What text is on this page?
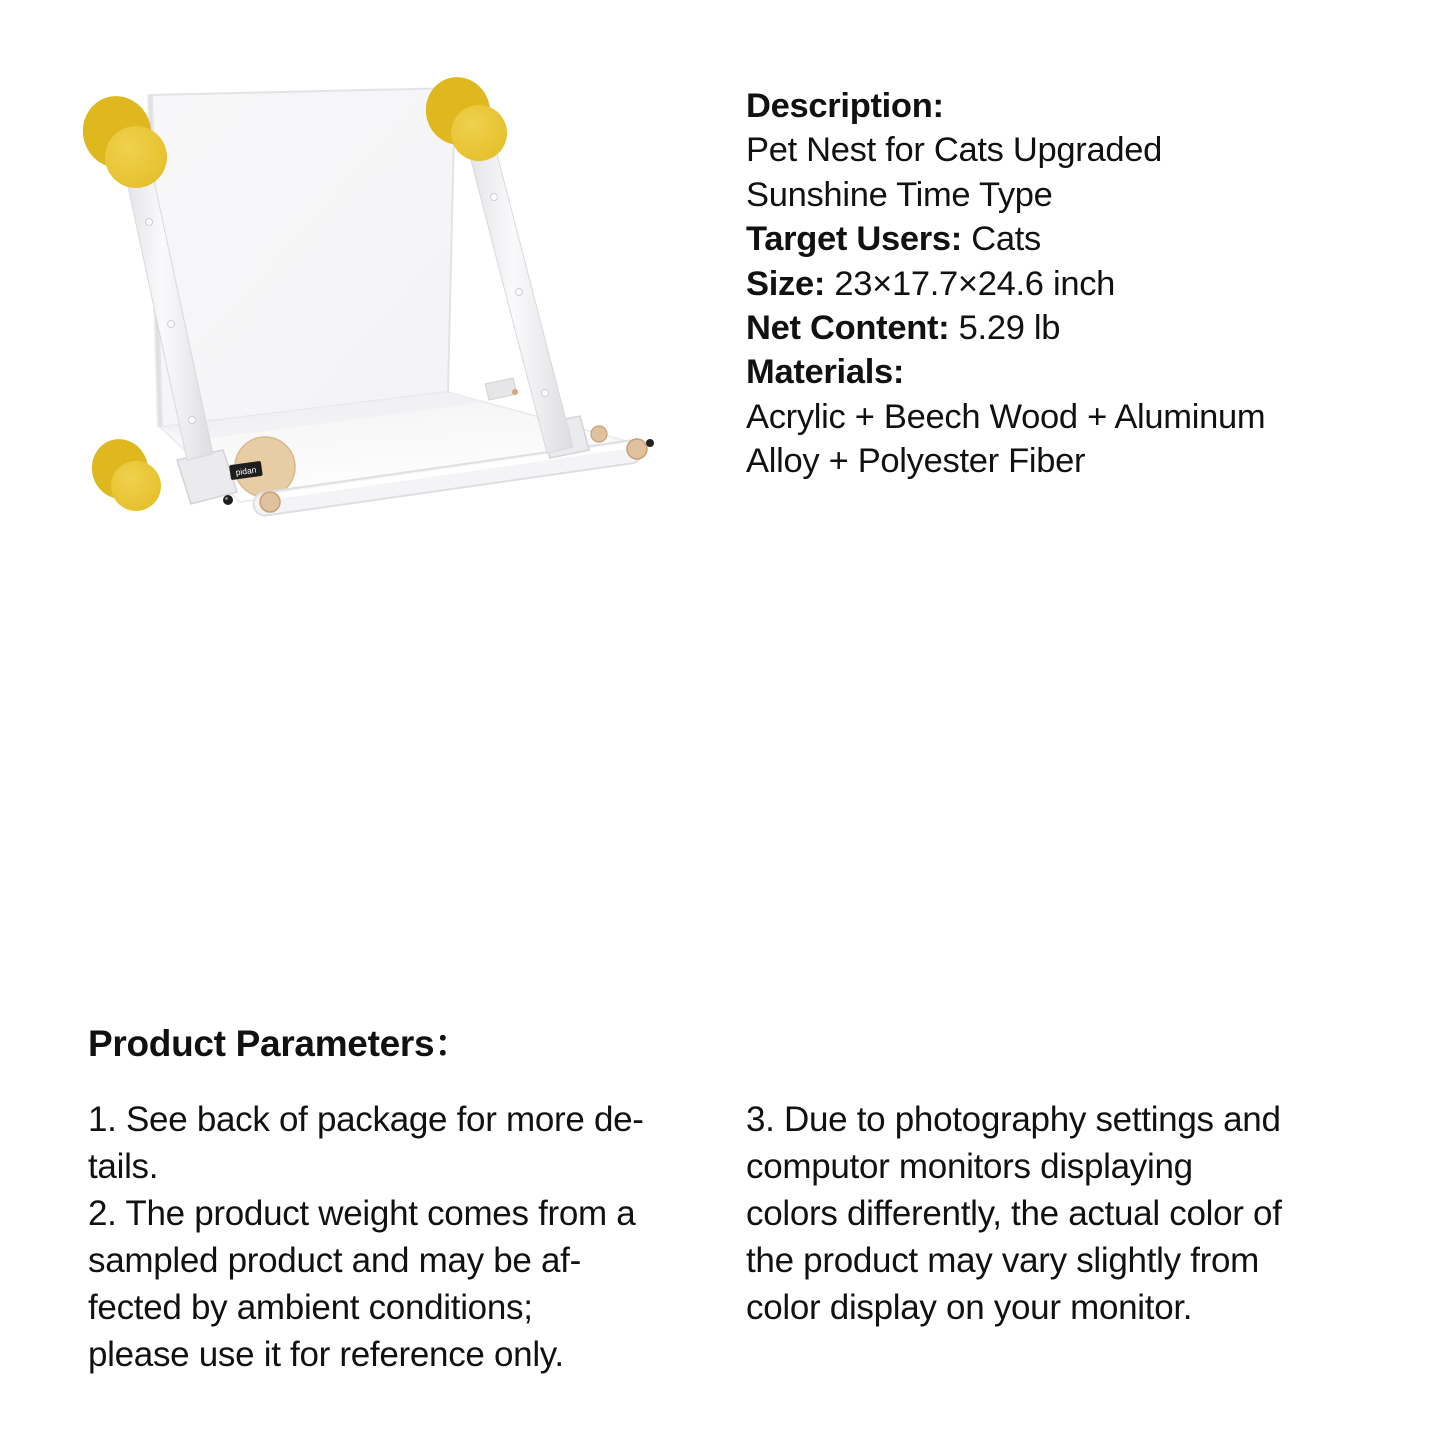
pidan
Description:
Pet Nest for Cats Upgraded
Sunshine Time Type
Target Users: Cats
Size: 23×17.7×24.6 inch
Net Content: 5.29 lb
Materials:
Acrylic + Beech Wood + Aluminum
Alloy + Polyester Fiber
Product Parameters：
1. See back of package for more de-
tails.
2. The product weight comes from a
sampled product and may be af-
fected by ambient conditions;
please use it for reference only.
3. Due to photography settings and
computor monitors displaying
colors differently, the actual color of
the product may vary slightly from
color display on your monitor.
